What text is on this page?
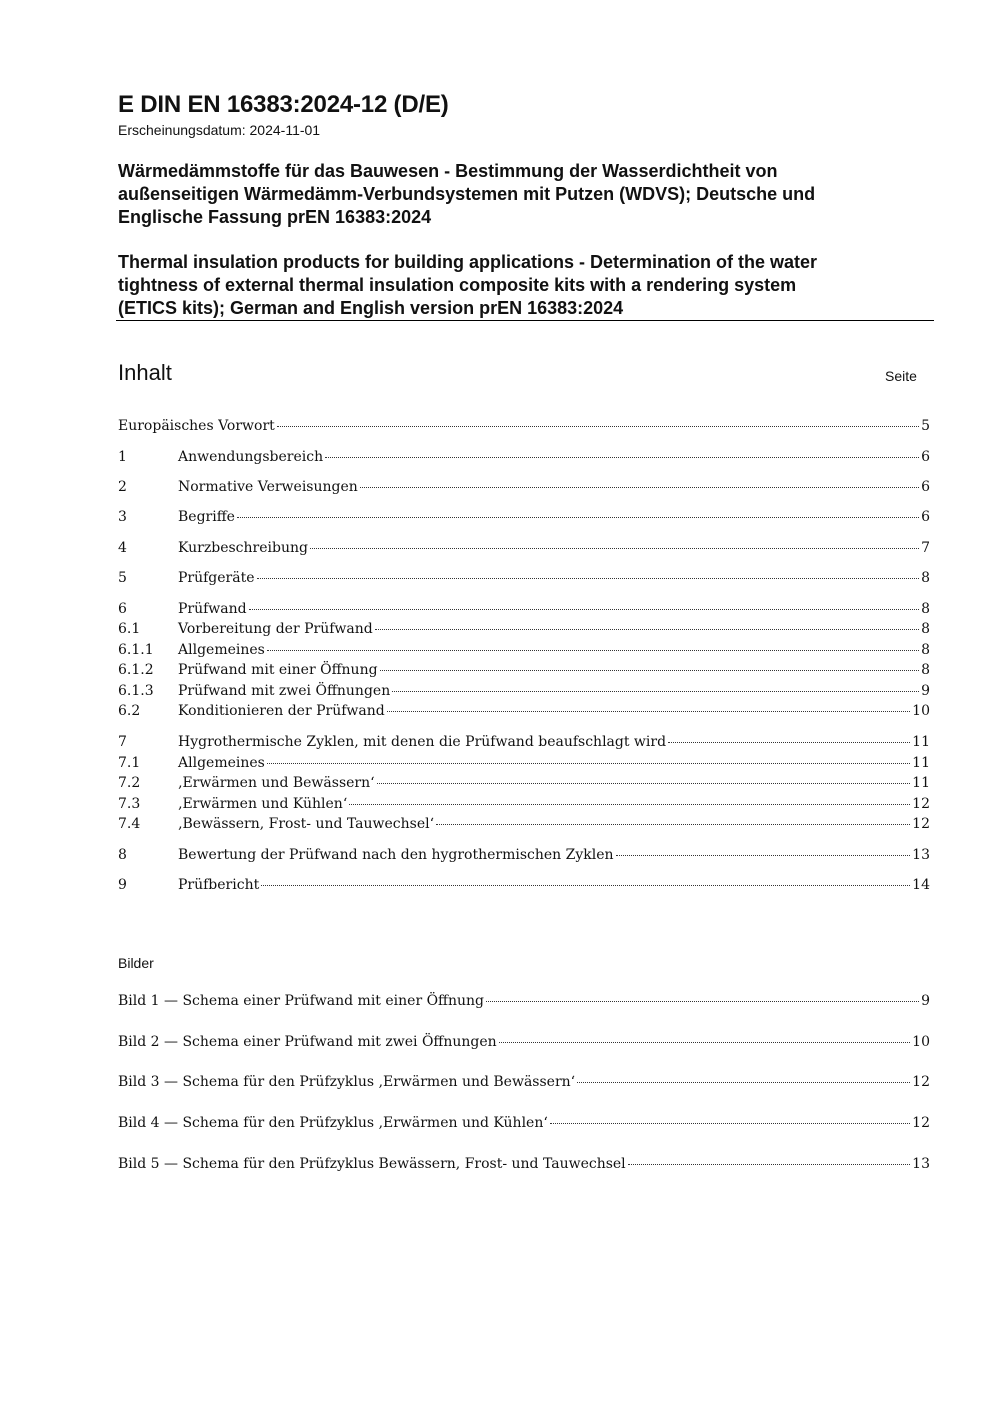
E DIN EN 16383:2024-12 (D/E)
Erscheinungsdatum: 2024-11-01
Wärmedämmstoffe für das Bauwesen - Bestimmung der Wasserdichtheit von
außenseitigen Wärmedämm-Verbundsystemen mit Putzen (WDVS); Deutsche und
Englische Fassung prEN 16383:2024
Thermal insulation products for building applications - Determination of the water
tightness of external thermal insulation composite kits with a rendering system
(ETICS kits); German and English version prEN 16383:2024
Inhalt	Seite
Europäisches Vorwort	5
1	Anwendungsbereich	6
2	Normative Verweisungen	6
3	Begriffe	6
4	Kurzbeschreibung	7
5	Prüfgeräte	8
6	Prüfwand	8
6.1	Vorbereitung der Prüfwand	8
6.1.1	Allgemeines	8
6.1.2	Prüfwand mit einer Öffnung	8
6.1.3	Prüfwand mit zwei Öffnungen	9
6.2	Konditionieren der Prüfwand	10
7	Hygrothermische Zyklen, mit denen die Prüfwand beaufschlagt wird	11
7.1	Allgemeines	11
7.2	‚Erwärmen und Bewässern‘	11
7.3	‚Erwärmen und Kühlen‘	12
7.4	‚Bewässern, Frost- und Tauwechsel‘	12
8	Bewertung der Prüfwand nach den hygrothermischen Zyklen	13
9	Prüfbericht	14
Bilder
Bild 1 — Schema einer Prüfwand mit einer Öffnung	9
Bild 2 — Schema einer Prüfwand mit zwei Öffnungen	10
Bild 3 — Schema für den Prüfzyklus ‚Erwärmen und Bewässern‘	12
Bild 4 — Schema für den Prüfzyklus ‚Erwärmen und Kühlen‘	12
Bild 5 — Schema für den Prüfzyklus Bewässern, Frost- und Tauwechsel	13
